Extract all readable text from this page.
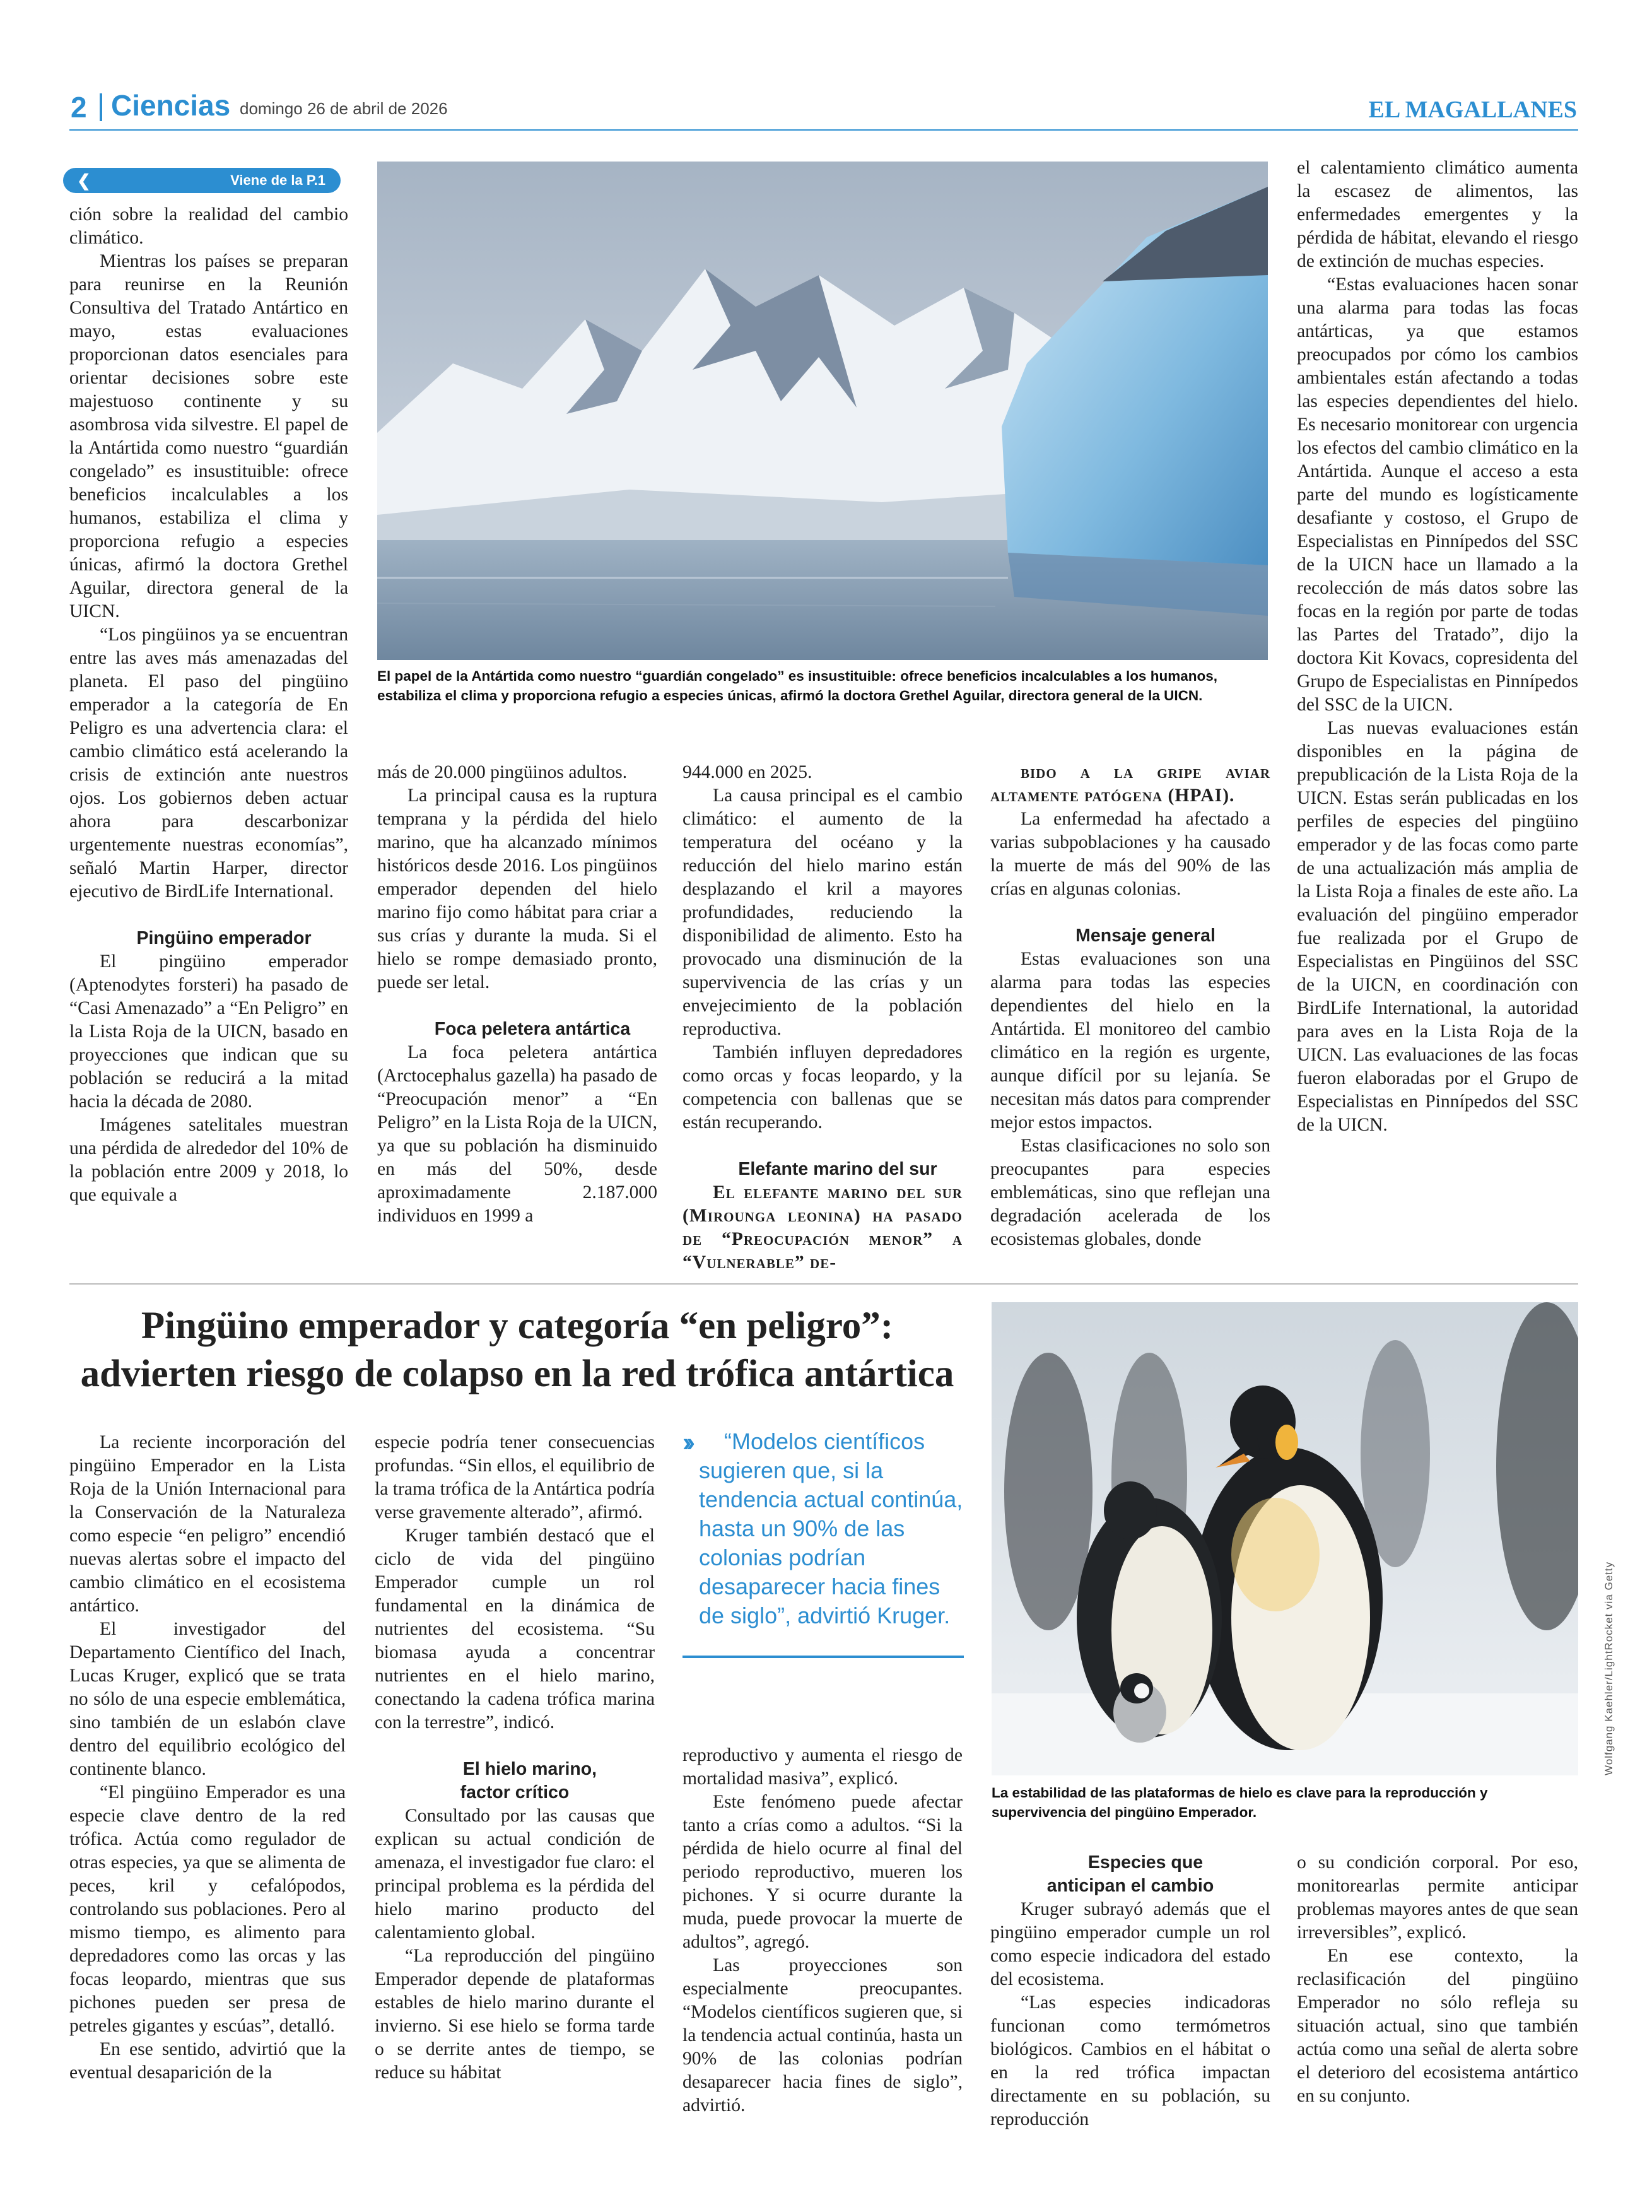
2 Ciencias domingo 26 de abril de 2026	EL MAGALLANES
❮	Viene de la P.1

ción sobre la realidad del cambio climático.

Mientras los países se preparan para reunirse en la Reunión Consultiva del Tratado Antártico en mayo, estas evaluaciones proporcionan datos esenciales para orientar decisiones sobre este majestuoso continente y su asombrosa vida silvestre. El papel de la Antártida como nuestro “guardián congelado” es insustituible: ofrece beneficios incalculables a los humanos, estabiliza el clima y proporciona refugio a especies únicas, afirmó la doctora Grethel Aguilar, directora general de la UICN.

“Los pingüinos ya se encuentran entre las aves más amenazadas del planeta. El paso del pingüino emperador a la categoría de En Peligro es una advertencia clara: el cambio climático está acelerando la crisis de extinción ante nuestros ojos. Los gobiernos deben actuar ahora para descarbonizar urgentemente nuestras economías”, señaló Martin Harper, director ejecutivo de BirdLife International.

Pingüino emperador

El pingüino emperador (Aptenodytes forsteri) ha pasado de “Casi Amenazado” a “En Peligro” en la Lista Roja de la UICN, basado en proyecciones que indican que su población se reducirá a la mitad hacia la década de 2080.

Imágenes satelitales muestran una pérdida de alrededor del 10% de la población entre 2009 y 2018, lo que equivale a

El papel de la Antártida como nuestro “guardián congelado” es insustituible: ofrece beneficios incalculables a los humanos, estabiliza el clima y proporciona refugio a especies únicas, afirmó la doctora Grethel Aguilar, directora general de la UICN.

más de 20.000 pingüinos adultos.

La principal causa es la ruptura temprana y la pérdida del hielo marino, que ha alcanzado mínimos históricos desde 2016. Los pingüinos emperador dependen del hielo marino fijo como hábitat para criar a sus crías y durante la muda. Si el hielo se rompe demasiado pronto, puede ser letal.

Foca peletera antártica

La foca peletera antártica (Arctocephalus gazella) ha pasado de “Preocupación menor” a “En Peligro” en la Lista Roja de la UICN, ya que su población ha disminuido en más del 50%, desde aproximadamente 2.187.000 individuos en 1999 a

944.000 en 2025.

La causa principal es el cambio climático: el aumento de la temperatura del océano y la reducción del hielo marino están desplazando el kril a mayores profundidades, reduciendo la disponibilidad de alimento. Esto ha provocado una disminución de la supervivencia de las crías y un envejecimiento de la población reproductiva.

También influyen depredadores como orcas y focas leopardo, y la competencia con ballenas que se están recuperando.

Elefante marino del sur

El elefante marino del sur (Mirounga leonina) ha pasado de “Preocupación menor” a “Vulnerable” de-

bido a la gripe aviar altamente patógena (HPAI).

La enfermedad ha afectado a varias subpoblaciones y ha causado la muerte de más del 90% de las crías en algunas colonias.

Mensaje general

Estas evaluaciones son una alarma para todas las especies dependientes del hielo en la Antártida. El monitoreo del cambio climático en la región es urgente, aunque difícil por su lejanía. Se necesitan más datos para comprender mejor estos impactos.

Estas clasificaciones no solo son preocupantes para especies emblemáticas, sino que reflejan una degradación acelerada de los ecosistemas globales, donde

el calentamiento climático aumenta la escasez de alimentos, las enfermedades emergentes y la pérdida de hábitat, elevando el riesgo de extinción de muchas especies.

“Estas evaluaciones hacen sonar una alarma para todas las focas antárticas, ya que estamos preocupados por cómo los cambios ambientales están afectando a todas las especies dependientes del hielo. Es necesario monitorear con urgencia los efectos del cambio climático en la Antártida. Aunque el acceso a esta parte del mundo es logísticamente desafiante y costoso, el Grupo de Especialistas en Pinnípedos del SSC de la UICN hace un llamado a la recolección de más datos sobre las focas en la región por parte de todas las Partes del Tratado”, dijo la doctora Kit Kovacs, copresidenta del Grupo de Especialistas en Pinnípedos del SSC de la UICN.

Las nuevas evaluaciones están disponibles en la página de prepublicación de la Lista Roja de la UICN. Estas serán publicadas en los perfiles de especies del pingüino emperador y de las focas como parte de una actualización más amplia de la Lista Roja a finales de este año. La evaluación del pingüino emperador fue realizada por el Grupo de Especialistas en Pingüinos del SSC de la UICN, en coordinación con BirdLife International, la autoridad para aves en la Lista Roja de la UICN. Las evaluaciones de las focas fueron elaboradas por el Grupo de Especialistas en Pinnípedos del SSC de la UICN.

Pingüino emperador y categoría “en peligro”:
advierten riesgo de colapso en la red trófica antártica

La reciente incorporación del pingüino Emperador en la Lista Roja de la Unión Internacional para la Conservación de la Naturaleza como especie “en peligro” encendió nuevas alertas sobre el impacto del cambio climático en el ecosistema antártico.

El investigador del Departamento Científico del Inach, Lucas Kruger, explicó que se trata no sólo de una especie emblemática, sino también de un eslabón clave dentro del equilibrio ecológico del continente blanco.

“El pingüino Emperador es una especie clave dentro de la red trófica. Actúa como regulador de otras especies, ya que se alimenta de peces, kril y cefalópodos, controlando sus poblaciones. Pero al mismo tiempo, es alimento para depredadores como las orcas y las focas leopardo, mientras que sus pichones pueden ser presa de petreles gigantes y escúas”, detalló.

En ese sentido, advirtió que la eventual desaparición de la

especie podría tener consecuencias profundas. “Sin ellos, el equilibrio de la trama trófica de la Antártica podría verse gravemente alterado”, afirmó.

Kruger también destacó que el ciclo de vida del pingüino Emperador cumple un rol fundamental en la dinámica de nutrientes del ecosistema. “Su biomasa ayuda a concentrar nutrientes en el hielo marino, conectando la cadena trófica marina con la terrestre”, indicó.

El hielo marino,
factor crítico

Consultado por las causas que explican su actual condición de amenaza, el investigador fue claro: el principal problema es la pérdida del hielo marino producto del calentamiento global.

“La reproducción del pingüino Emperador depende de plataformas estables de hielo marino durante el invierno. Si ese hielo se forma tarde o se derrite antes de tiempo, se reduce su hábitat

››	“Modelos científicos sugieren que, si la tendencia actual continúa, hasta un 90% de las colonias podrían desaparecer hacia fines de siglo”, advirtió Kruger.

reproductivo y aumenta el riesgo de mortalidad masiva”, explicó.

Este fenómeno puede afectar tanto a crías como a adultos. “Si la pérdida de hielo ocurre al final del periodo reproductivo, mueren los pichones. Y si ocurre durante la muda, puede provocar la muerte de adultos”, agregó.

Las proyecciones son especialmente preocupantes. “Modelos científicos sugieren que, si la tendencia actual continúa, hasta un 90% de las colonias podrían desaparecer hacia fines de siglo”, advirtió.

Wolfgang Kaehler/LightRocket via Getty
La estabilidad de las plataformas de hielo es clave para la reproducción y supervivencia del pingüino Emperador.

Especies que
anticipan el cambio

Kruger subrayó además que el pingüino emperador cumple un rol como especie indicadora del estado del ecosistema.

“Las especies indicadoras funcionan como termómetros biológicos. Cambios en el hábitat o en la red trófica impactan directamente en su población, su reproducción

o su condición corporal. Por eso, monitorearlas permite anticipar problemas mayores antes de que sean irreversibles”, explicó.

En ese contexto, la reclasificación del pingüino Emperador no sólo refleja su situación actual, sino que también actúa como una señal de alerta sobre el deterioro del ecosistema antártico en su conjunto.
